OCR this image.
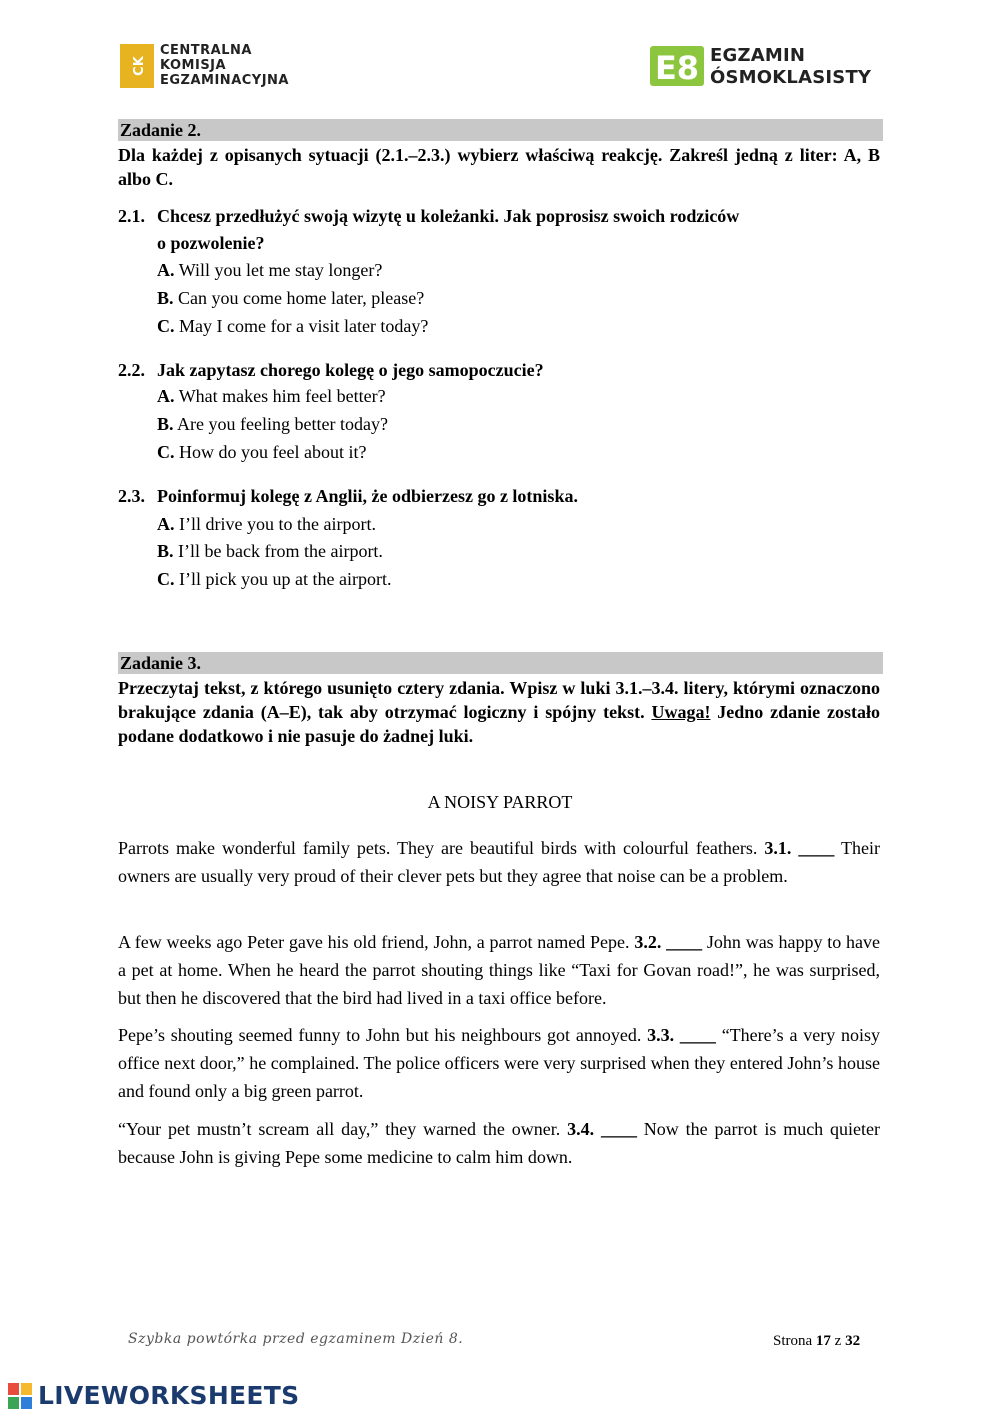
CK
CENTRALNA
KOMISJA
EGZAMINACYJNA	E8 EGZAMIN
ÓSMOKLASISTY
Zadanie 2.
Dla każdej z opisanych sytuacji (2.1.–2.3.) wybierz właściwą reakcję. Zakreśl jedną z liter: A, B albo C.
2.1. Chcesz przedłużyć swoją wizytę u koleżanki. Jak poprosisz swoich rodziców
o pozwolenie?
A. Will you let me stay longer?
B. Can you come home later, please?
C. May I come for a visit later today?
2.2. Jak zapytasz chorego kolegę o jego samopoczucie?
A. What makes him feel better?
B. Are you feeling better today?
C. How do you feel about it?
2.3. Poinformuj kolegę z Anglii, że odbierzesz go z lotniska.
A. I’ll drive you to the airport.
B. I’ll be back from the airport.
C. I’ll pick you up at the airport.
Zadanie 3.
Przeczytaj tekst, z którego usunięto cztery zdania. Wpisz w luki 3.1.–3.4. litery, którymi oznaczono brakujące zdania (A–E), tak aby otrzymać logiczny i spójny tekst. Uwaga! Jedno zdanie zostało podane dodatkowo i nie pasuje do żadnej luki.
A NOISY PARROT
Parrots make wonderful family pets. They are beautiful birds with colourful feathers. 3.1. ____ Their owners are usually very proud of their clever pets but they agree that noise can be a problem.
A few weeks ago Peter gave his old friend, John, a parrot named Pepe. 3.2. ____ John was happy to have a pet at home. When he heard the parrot shouting things like “Taxi for Govan road!”, he was surprised, but then he discovered that the bird had lived in a taxi office before.
Pepe’s shouting seemed funny to John but his neighbours got annoyed. 3.3. ____ “There’s a very noisy office next door,” he complained. The police officers were very surprised when they entered John’s house and found only a big green parrot.
“Your pet mustn’t scream all day,” they warned the owner. 3.4. ____ Now the parrot is much quieter because John is giving Pepe some medicine to calm him down.
Szybka powtórka przed egzaminem Dzień 8.	Strona 17 z 32
LIVEWORKSHEETS
